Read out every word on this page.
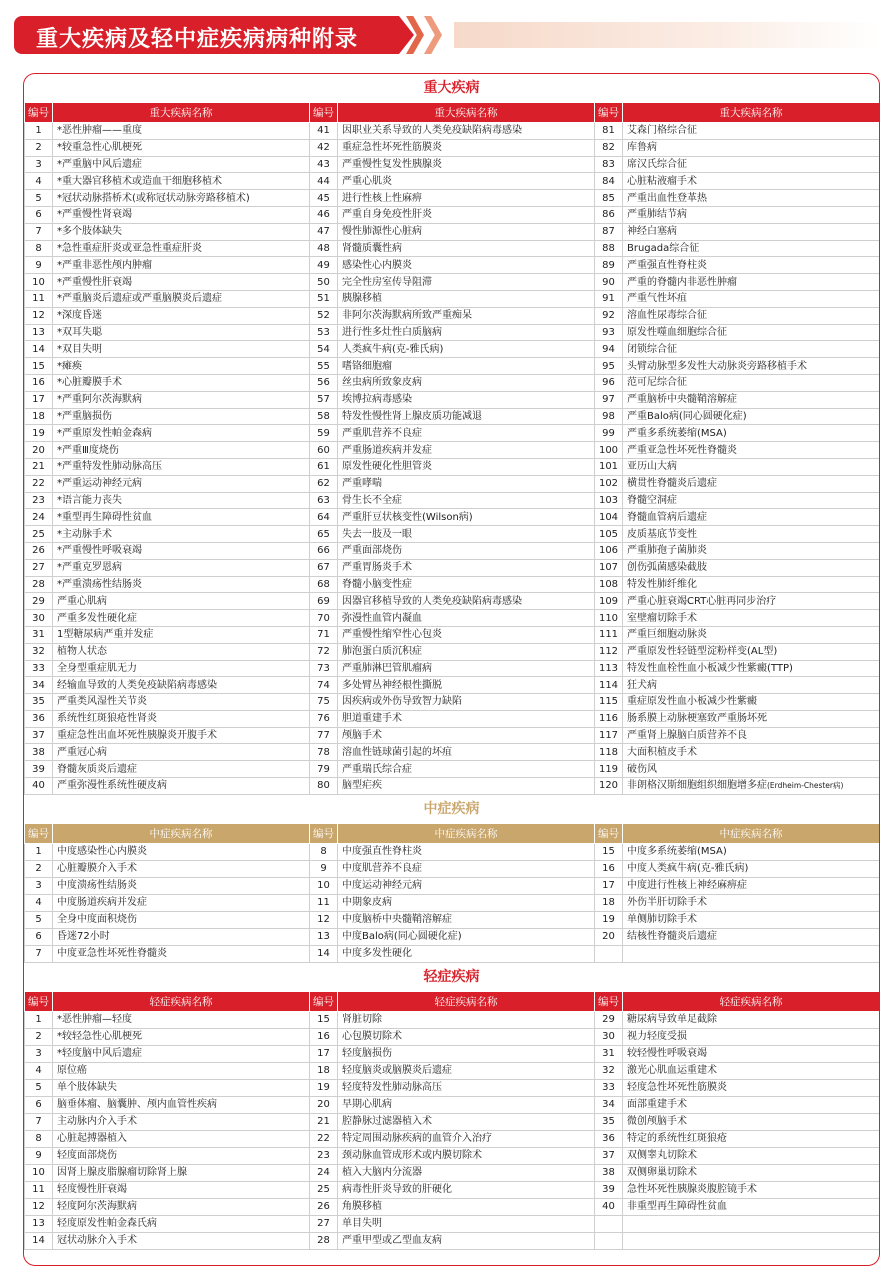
重大疾病及轻中症疾病病种附录
重大疾病
编号	重大疾病名称	编号	重大疾病名称	编号	重大疾病名称
1	*恶性肿瘤——重度	41	因职业关系导致的人类免疫缺陷病毒感染	81	艾森门格综合征
2	*较重急性心肌梗死	42	重症急性坏死性筋膜炎	82	库鲁病
3	*严重脑中风后遗症	43	严重慢性复发性胰腺炎	83	席汉氏综合征
4	*重大器官移植术或造血干细胞移植术	44	严重心肌炎	84	心脏粘液瘤手术
5	*冠状动脉搭桥术(或称冠状动脉旁路移植术)	45	进行性核上性麻痹	85	严重出血性登革热
6	*严重慢性肾衰竭	46	严重自身免疫性肝炎	86	严重肺结节病
7	*多个肢体缺失	47	慢性肺源性心脏病	87	神经白塞病
8	*急性重症肝炎或亚急性重症肝炎	48	肾髓质囊性病	88	Brugada综合征
9	*严重非恶性颅内肿瘤	49	感染性心内膜炎	89	严重强直性脊柱炎
10	*严重慢性肝衰竭	50	完全性房室传导阻滞	90	严重的脊髓内非恶性肿瘤
11	*严重脑炎后遗症或严重脑膜炎后遗症	51	胰腺移植	91	严重气性坏疽
12	*深度昏迷	52	非阿尔茨海默病所致严重痴呆	92	溶血性尿毒综合征
13	*双耳失聪	53	进行性多灶性白质脑病	93	原发性噬血细胞综合征
14	*双目失明	54	人类疯牛病(克-雅氏病)	94	闭锁综合征
15	*瘫痪	55	嗜铬细胞瘤	95	头臂动脉型多发性大动脉炎旁路移植手术
16	*心脏瓣膜手术	56	丝虫病所致象皮病	96	范可尼综合征
17	*严重阿尔茨海默病	57	埃博拉病毒感染	97	严重脑桥中央髓鞘溶解症
18	*严重脑损伤	58	特发性慢性肾上腺皮质功能减退	98	严重Balo病(同心圆硬化症)
19	*严重原发性帕金森病	59	严重肌营养不良症	99	严重多系统萎缩(MSA)
20	*严重Ⅲ度烧伤	60	严重肠道疾病并发症	100	严重亚急性坏死性脊髓炎
21	*严重特发性肺动脉高压	61	原发性硬化性胆管炎	101	亚历山大病
22	*严重运动神经元病	62	严重哮喘	102	横贯性脊髓炎后遗症
23	*语言能力丧失	63	骨生长不全症	103	脊髓空洞症
24	*重型再生障碍性贫血	64	严重肝豆状核变性(Wilson病)	104	脊髓血管病后遗症
25	*主动脉手术	65	失去一肢及一眼	105	皮质基底节变性
26	*严重慢性呼吸衰竭	66	严重面部烧伤	106	严重肺孢子菌肺炎
27	*严重克罗恩病	67	严重胃肠炎手术	107	创伤弧菌感染截肢
28	*严重溃疡性结肠炎	68	脊髓小脑变性症	108	特发性肺纤维化
29	严重心肌病	69	因器官移植导致的人类免疫缺陷病毒感染	109	严重心脏衰竭CRT心脏再同步治疗
30	严重多发性硬化症	70	弥漫性血管内凝血	110	室壁瘤切除手术
31	1型糖尿病严重并发症	71	严重慢性缩窄性心包炎	111	严重巨细胞动脉炎
32	植物人状态	72	肺泡蛋白质沉积症	112	严重原发性轻链型淀粉样变(AL型)
33	全身型重症肌无力	73	严重肺淋巴管肌瘤病	113	特发性血栓性血小板减少性紫癜(TTP)
34	经输血导致的人类免疫缺陷病毒感染	74	多处臂丛神经根性撕脱	114	狂犬病
35	严重类风湿性关节炎	75	因疾病或外伤导致智力缺陷	115	重症原发性血小板减少性紫癜
36	系统性红斑狼疮性肾炎	76	胆道重建手术	116	肠系膜上动脉梗塞致严重肠坏死
37	重症急性出血坏死性胰腺炎开腹手术	77	颅脑手术	117	严重肾上腺脑白质营养不良
38	严重冠心病	78	溶血性链球菌引起的坏疽	118	大面积植皮手术
39	脊髓灰质炎后遗症	79	严重瑞氏综合症	119	破伤风
40	严重弥漫性系统性硬皮病	80	脑型疟疾	120	非朗格汉斯细胞组织细胞增多症(Erdheim-Chester病)
中症疾病
编号	中症疾病名称	编号	中症疾病名称	编号	中症疾病名称
1	中度感染性心内膜炎	8	中度强直性脊柱炎	15	中度多系统萎缩(MSA)
2	心脏瓣膜介入手术	9	中度肌营养不良症	16	中度人类疯牛病(克-雅氏病)
3	中度溃疡性结肠炎	10	中度运动神经元病	17	中度进行性核上神经麻痹症
4	中度肠道疾病并发症	11	中期象皮病	18	外伤半肝切除手术
5	全身中度面积烧伤	12	中度脑桥中央髓鞘溶解症	19	单侧肺切除手术
6	昏迷72小时	13	中度Balo病(同心圆硬化症)	20	结核性脊髓炎后遗症
7	中度亚急性坏死性脊髓炎	14	中度多发性硬化		
轻症疾病
编号	轻症疾病名称	编号	轻症疾病名称	编号	轻症疾病名称
1	*恶性肿瘤—轻度	15	肾脏切除	29	糖尿病导致单足截除
2	*较轻急性心肌梗死	16	心包膜切除术	30	视力轻度受损
3	*轻度脑中风后遗症	17	轻度脑损伤	31	较轻慢性呼吸衰竭
4	原位癌	18	轻度脑炎或脑膜炎后遗症	32	激光心肌血运重建术
5	单个肢体缺失	19	轻度特发性肺动脉高压	33	轻度急性坏死性筋膜炎
6	脑垂体瘤、脑囊肿、颅内血管性疾病	20	早期心肌病	34	面部重建手术
7	主动脉内介入手术	21	腔静脉过滤器植入术	35	微创颅脑手术
8	心脏起搏器植入	22	特定周围动脉疾病的血管介入治疗	36	特定的系统性红斑狼疮
9	轻度面部烧伤	23	颈动脉血管成形术或内膜切除术	37	双侧睾丸切除术
10	因肾上腺皮脂腺瘤切除肾上腺	24	植入大脑内分流器	38	双侧卵巢切除术
11	轻度慢性肝衰竭	25	病毒性肝炎导致的肝硬化	39	急性坏死性胰腺炎腹腔镜手术
12	轻度阿尔茨海默病	26	角膜移植	40	非重型再生障碍性贫血
13	轻度原发性帕金森氏病	27	单目失明		
14	冠状动脉介入手术	28	严重甲型或乙型血友病		
